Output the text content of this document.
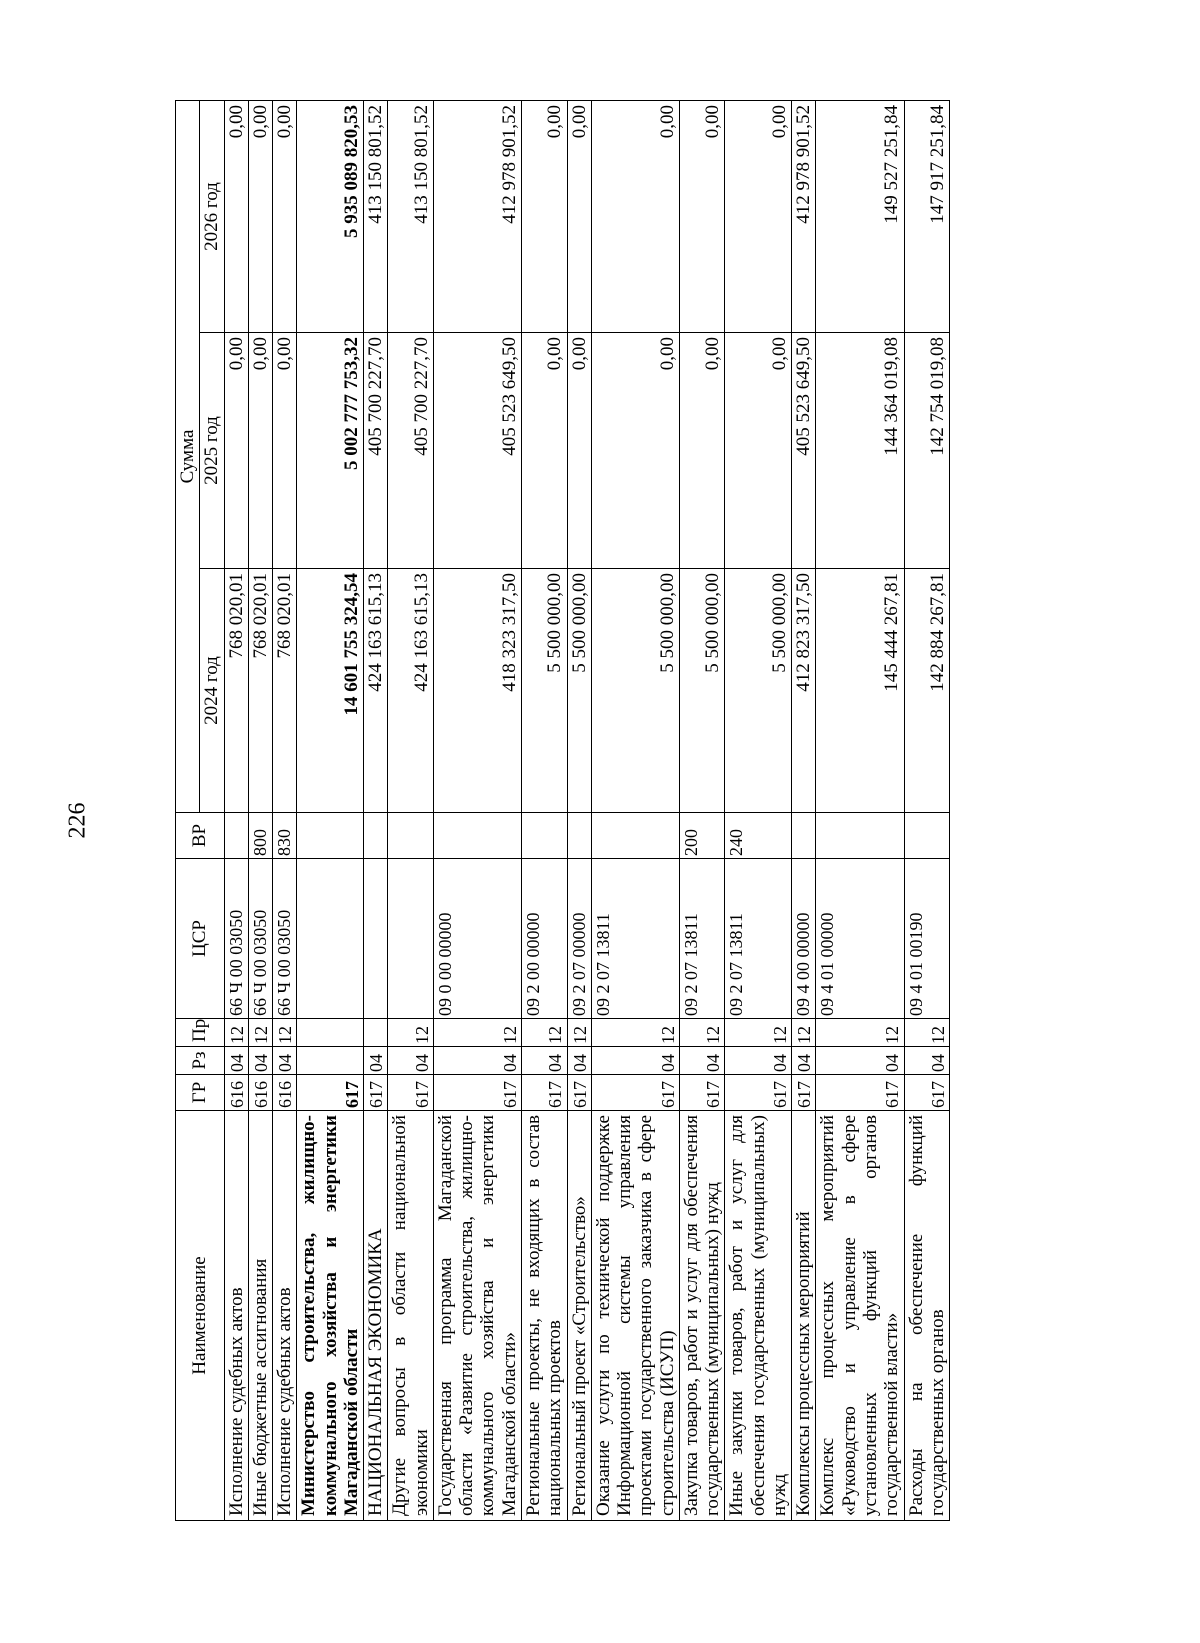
226
Наименование	ГР	Рз	Пр	ЦСР	ВР	Сумма		
						2024 год	2025 год	2026 год
Исполнение судебных актов	616	04	12	66 Ч 00 03050		768 020,01	0,00	0,00
Иные бюджетные ассигнования	616	04	12	66 Ч 00 03050	800	768 020,01	0,00	0,00
Исполнение судебных актов	616	04	12	66 Ч 00 03050	830	768 020,01	0,00	0,00
Министерство строительства, жилищно-коммунального хозяйства и энергетики Магаданской области	617					14 601 755 324,54	5 002 777 753,32	5 935 089 820,53
НАЦИОНАЛЬНАЯ ЭКОНОМИКА	617	04				424 163 615,13	405 700 227,70	413 150 801,52
Другие вопросы в области национальной экономики	617	04	12			424 163 615,13	405 700 227,70	413 150 801,52
Государственная программа Магаданской области «Развитие строительства, жилищно-коммунального хозяйства и энергетики Магаданской области»	617	04	12	09 0 00 00000		418 323 317,50	405 523 649,50	412 978 901,52
Региональные проекты, не входящих в состав национальных проектов	617	04	12	09 2 00 00000		5 500 000,00	0,00	0,00
Региональный проект «Строительство»	617	04	12	09 2 07 00000		5 500 000,00	0,00	0,00
Оказание услуги по технической поддержке Информационной системы управления проектами государственного заказчика в сфере строительства (ИСУП)	617	04	12	09 2 07 13811		5 500 000,00	0,00	0,00
Закупка товаров, работ и услуг для обеспечения государственных (муниципальных) нужд	617	04	12	09 2 07 13811	200	5 500 000,00	0,00	0,00
Иные закупки товаров, работ и услуг для обеспечения государственных (муниципальных) нужд	617	04	12	09 2 07 13811	240	5 500 000,00	0,00	0,00
Комплексы процессных мероприятий	617	04	12	09 4 00 00000		412 823 317,50	405 523 649,50	412 978 901,52
Комплекс процессных мероприятий «Руководство и управление в сфере установленных функций органов государственной власти»	617	04	12	09 4 01 00000		145 444 267,81	144 364 019,08	149 527 251,84
Расходы на обеспечение функций государственных органов	617	04	12	09 4 01 00190		142 884 267,81	142 754 019,08	147 917 251,84
